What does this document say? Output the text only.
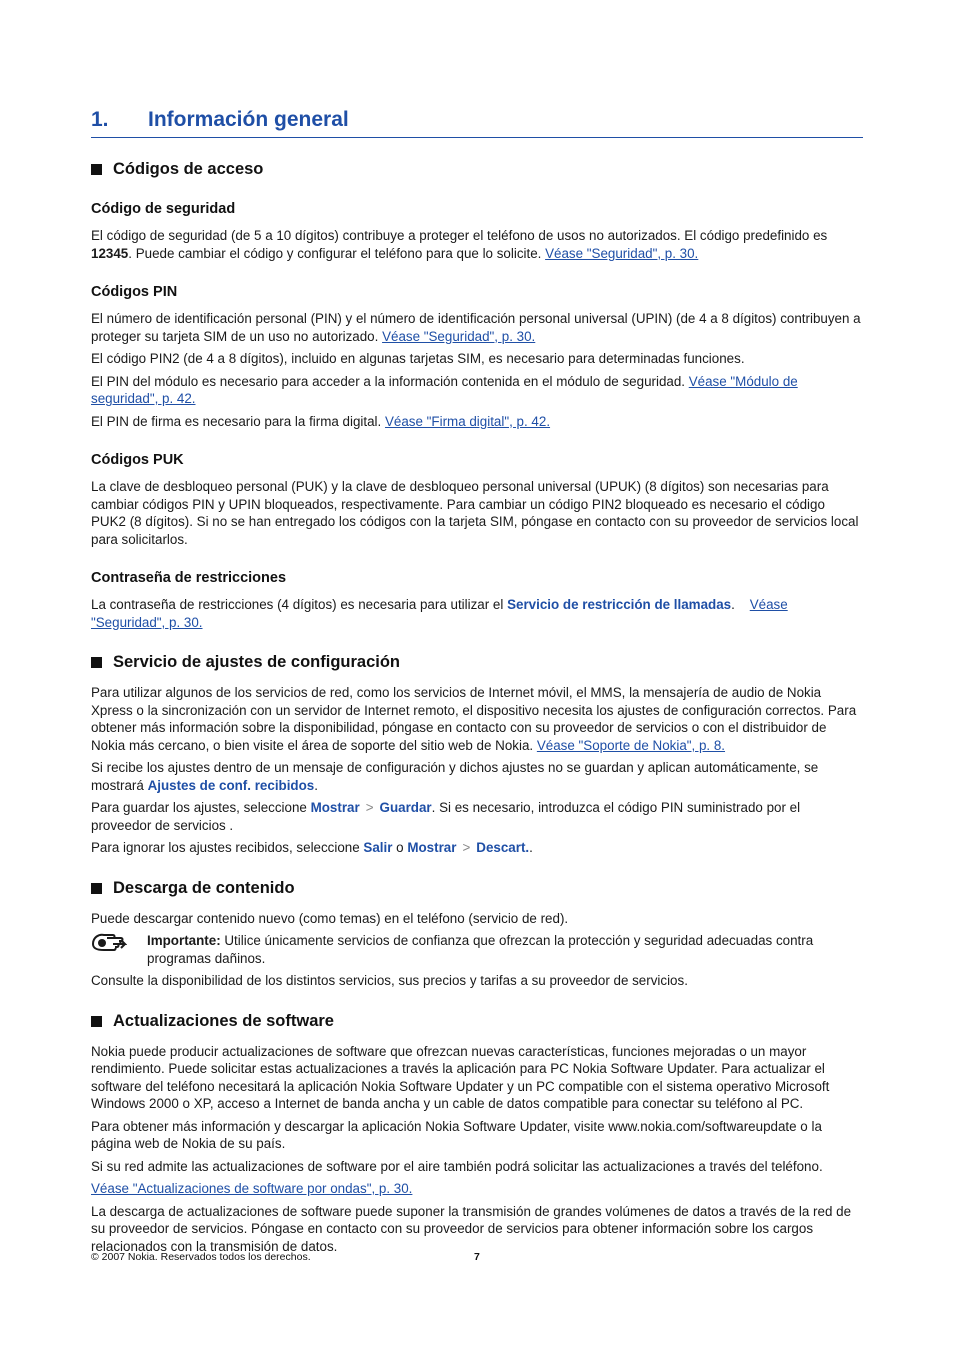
1.	Información general
Códigos de acceso
Código de seguridad

El código de seguridad (de 5 a 10 dígitos) contribuye a proteger el teléfono de usos no autorizados. El código predefinido es 12345. Puede cambiar el código y configurar el teléfono para que lo solicite. Véase "Seguridad", p. 30.

Códigos PIN

El número de identificación personal (PIN) y el número de identificación personal universal (UPIN) (de 4 a 8 dígitos) contribuyen a proteger su tarjeta SIM de un uso no autorizado. Véase "Seguridad", p. 30.

El código PIN2 (de 4 a 8 dígitos), incluido en algunas tarjetas SIM, es necesario para determinadas funciones.

El PIN del módulo es necesario para acceder a la información contenida en el módulo de seguridad. Véase "Módulo de seguridad", p. 42.

El PIN de firma es necesario para la firma digital. Véase "Firma digital", p. 42.

Códigos PUK

La clave de desbloqueo personal (PUK) y la clave de desbloqueo personal universal (UPUK) (8 dígitos) son necesarias para cambiar códigos PIN y UPIN bloqueados, respectivamente. Para cambiar un código PIN2 bloqueado es necesario el código PUK2 (8 dígitos). Si no se han entregado los códigos con la tarjeta SIM, póngase en contacto con su proveedor de servicios local para solicitarlos.

Contraseña de restricciones

La contraseña de restricciones (4 dígitos) es necesaria para utilizar el Servicio de restricción de llamadas. Véase "Seguridad", p. 30.

Servicio de ajustes de configuración

Para utilizar algunos de los servicios de red, como los servicios de Internet móvil, el MMS, la mensajería de audio de Nokia Xpress o la sincronización con un servidor de Internet remoto, el dispositivo necesita los ajustes de configuración correctos. Para obtener más información sobre la disponibilidad, póngase en contacto con su proveedor de servicios o con el distribuidor de Nokia más cercano, o bien visite el área de soporte del sitio web de Nokia. Véase "Soporte de Nokia", p. 8.

Si recibe los ajustes dentro de un mensaje de configuración y dichos ajustes no se guardan y aplican automáticamente, se mostrará Ajustes de conf. recibidos.

Para guardar los ajustes, seleccione Mostrar > Guardar. Si es necesario, introduzca el código PIN suministrado por el proveedor de servicios .

Para ignorar los ajustes recibidos, seleccione Salir o Mostrar > Descart..

Descarga de contenido

Puede descargar contenido nuevo (como temas) en el teléfono (servicio de red).

Importante: Utilice únicamente servicios de confianza que ofrezcan la protección y seguridad adecuadas contra programas dañinos.

Consulte la disponibilidad de los distintos servicios, sus precios y tarifas a su proveedor de servicios.

Actualizaciones de software

Nokia puede producir actualizaciones de software que ofrezcan nuevas características, funciones mejoradas o un mayor rendimiento. Puede solicitar estas actualizaciones a través la aplicación para PC Nokia Software Updater. Para actualizar el software del teléfono necesitará la aplicación Nokia Software Updater y un PC compatible con el sistema operativo Microsoft Windows 2000 o XP, acceso a Internet de banda ancha y un cable de datos compatible para conectar su teléfono al PC.

Para obtener más información y descargar la aplicación Nokia Software Updater, visite www.nokia.com/softwareupdate o la página web de Nokia de su país.

Si su red admite las actualizaciones de software por el aire también podrá solicitar las actualizaciones a través del teléfono.

Véase "Actualizaciones de software por ondas", p. 30.

La descarga de actualizaciones de software puede suponer la transmisión de grandes volúmenes de datos a través de la red de su proveedor de servicios. Póngase en contacto con su proveedor de servicios para obtener información sobre los cargos relacionados con la transmisión de datos.

© 2007 Nokia. Reservados todos los derechos.	7
